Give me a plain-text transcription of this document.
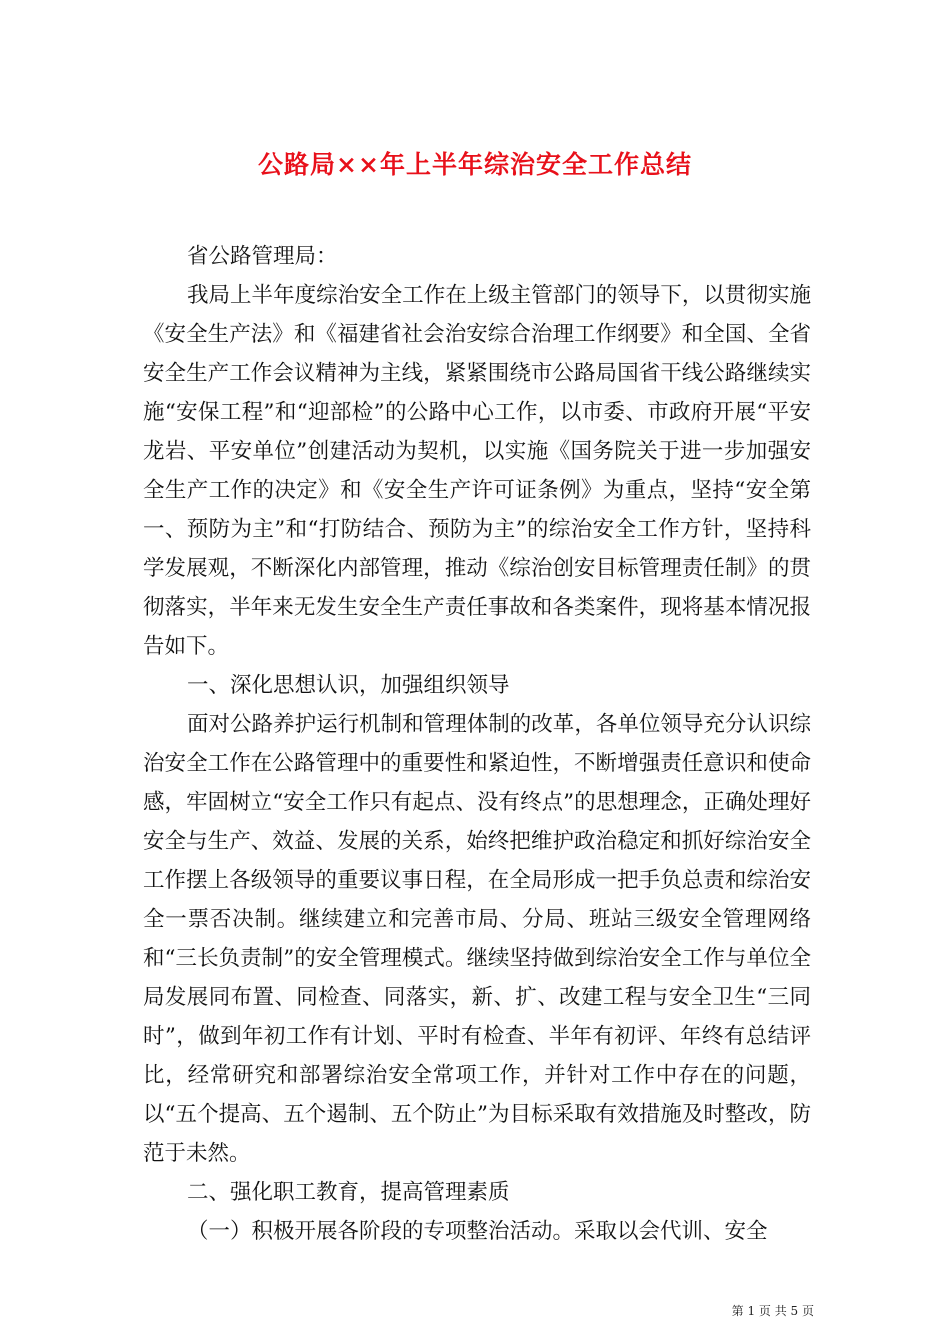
公路局××年上半年综治安全工作总结

省公路管理局：

我局上半年度综治安全工作在上级主管部门的领导下，以贯彻实施《安全生产法》和《福建省社会治安综合治理工作纲要》和全国、全省安全生产工作会议精神为主线，紧紧围绕市公路局国省干线公路继续实施“安保工程”和“迎部检”的公路中心工作，以市委、市政府开展“平安龙岩、平安单位”创建活动为契机，以实施《国务院关于进一步加强安全生产工作的决定》和《安全生产许可证条例》为重点，坚持“安全第一、预防为主”和“打防结合、预防为主”的综治安全工作方针，坚持科学发展观，不断深化内部管理，推动《综治创安目标管理责任制》的贯彻落实，半年来无发生安全生产责任事故和各类案件，现将基本情况报告如下。

一、深化思想认识，加强组织领导

面对公路养护运行机制和管理体制的改革，各单位领导充分认识综治安全工作在公路管理中的重要性和紧迫性，不断增强责任意识和使命感，牢固树立“安全工作只有起点、没有终点”的思想理念，正确处理好安全与生产、效益、发展的关系，始终把维护政治稳定和抓好综治安全工作摆上各级领导的重要议事日程，在全局形成一把手负总责和综治安全一票否决制。继续建立和完善市局、分局、班站三级安全管理网络和“三长负责制”的安全管理模式。继续坚持做到综治安全工作与单位全局发展同布置、同检查、同落实，新、扩、改建工程与安全卫生“三同时”，做到年初工作有计划、平时有检查、半年有初评、年终有总结评比，经常研究和部署综治安全常项工作，并针对工作中存在的问题，以“五个提高、五个遏制、五个防止”为目标采取有效措施及时整改，防范于未然。

二、强化职工教育，提高管理素质

（一）积极开展各阶段的专项整治活动。采取以会代训、安全

第 1 页 共 5 页
